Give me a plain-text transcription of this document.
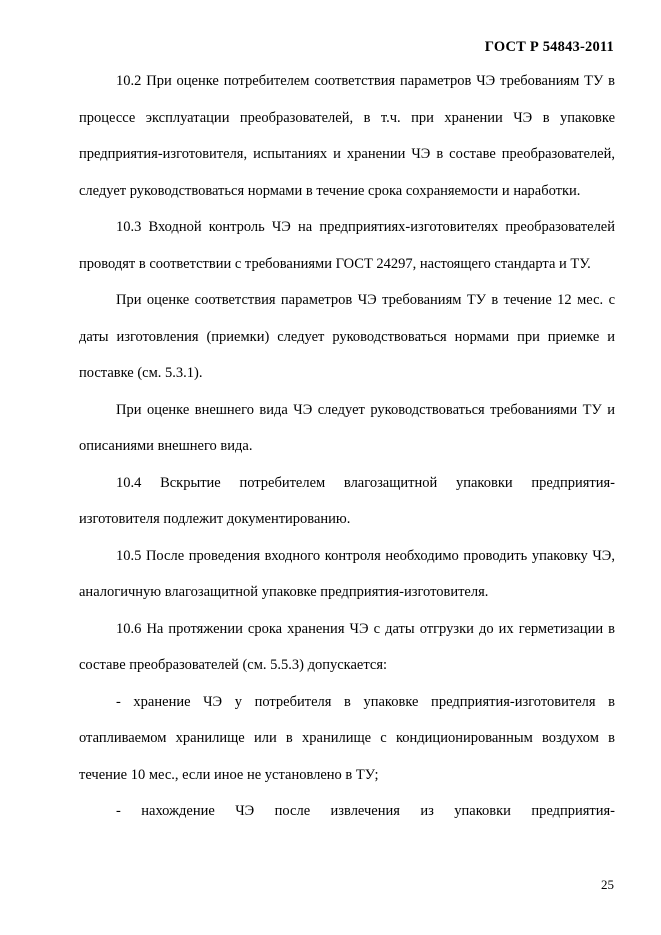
ГОСТ Р 54843-2011

10.2 При оценке потребителем соответствия параметров ЧЭ требованиям ТУ в процессе эксплуатации преобразователей, в т.ч. при хранении ЧЭ в упаковке предприятия-изготовителя, испытаниях и хранении ЧЭ в составе преобразователей, следует руководствоваться нормами в течение срока сохраняемости и наработки.

10.3 Входной контроль ЧЭ на предприятиях-изготовителях преобразователей проводят в соответствии с требованиями ГОСТ 24297, настоящего стандарта и ТУ.

При оценке соответствия параметров ЧЭ требованиям ТУ в течение 12 мес. с даты изготовления (приемки) следует руководствоваться нормами при приемке и поставке (см. 5.3.1).

При оценке внешнего вида ЧЭ следует руководствоваться требованиями ТУ и описаниями внешнего вида.

10.4 Вскрытие потребителем влагозащитной упаковки предприятия-изготовителя подлежит документированию.

10.5 После проведения входного контроля необходимо проводить упаковку ЧЭ, аналогичную влагозащитной упаковке предприятия-изготовителя.

10.6 На протяжении срока хранения ЧЭ с даты отгрузки до их герметизации в составе преобразователей (см. 5.5.3) допускается:

- хранение ЧЭ у потребителя в упаковке предприятия-изготовителя в отапливаемом хранилище или в хранилище с кондиционированным воздухом в течение 10 мес., если иное не установлено в ТУ;

- нахождение ЧЭ после извлечения из упаковки предприятия-

25
